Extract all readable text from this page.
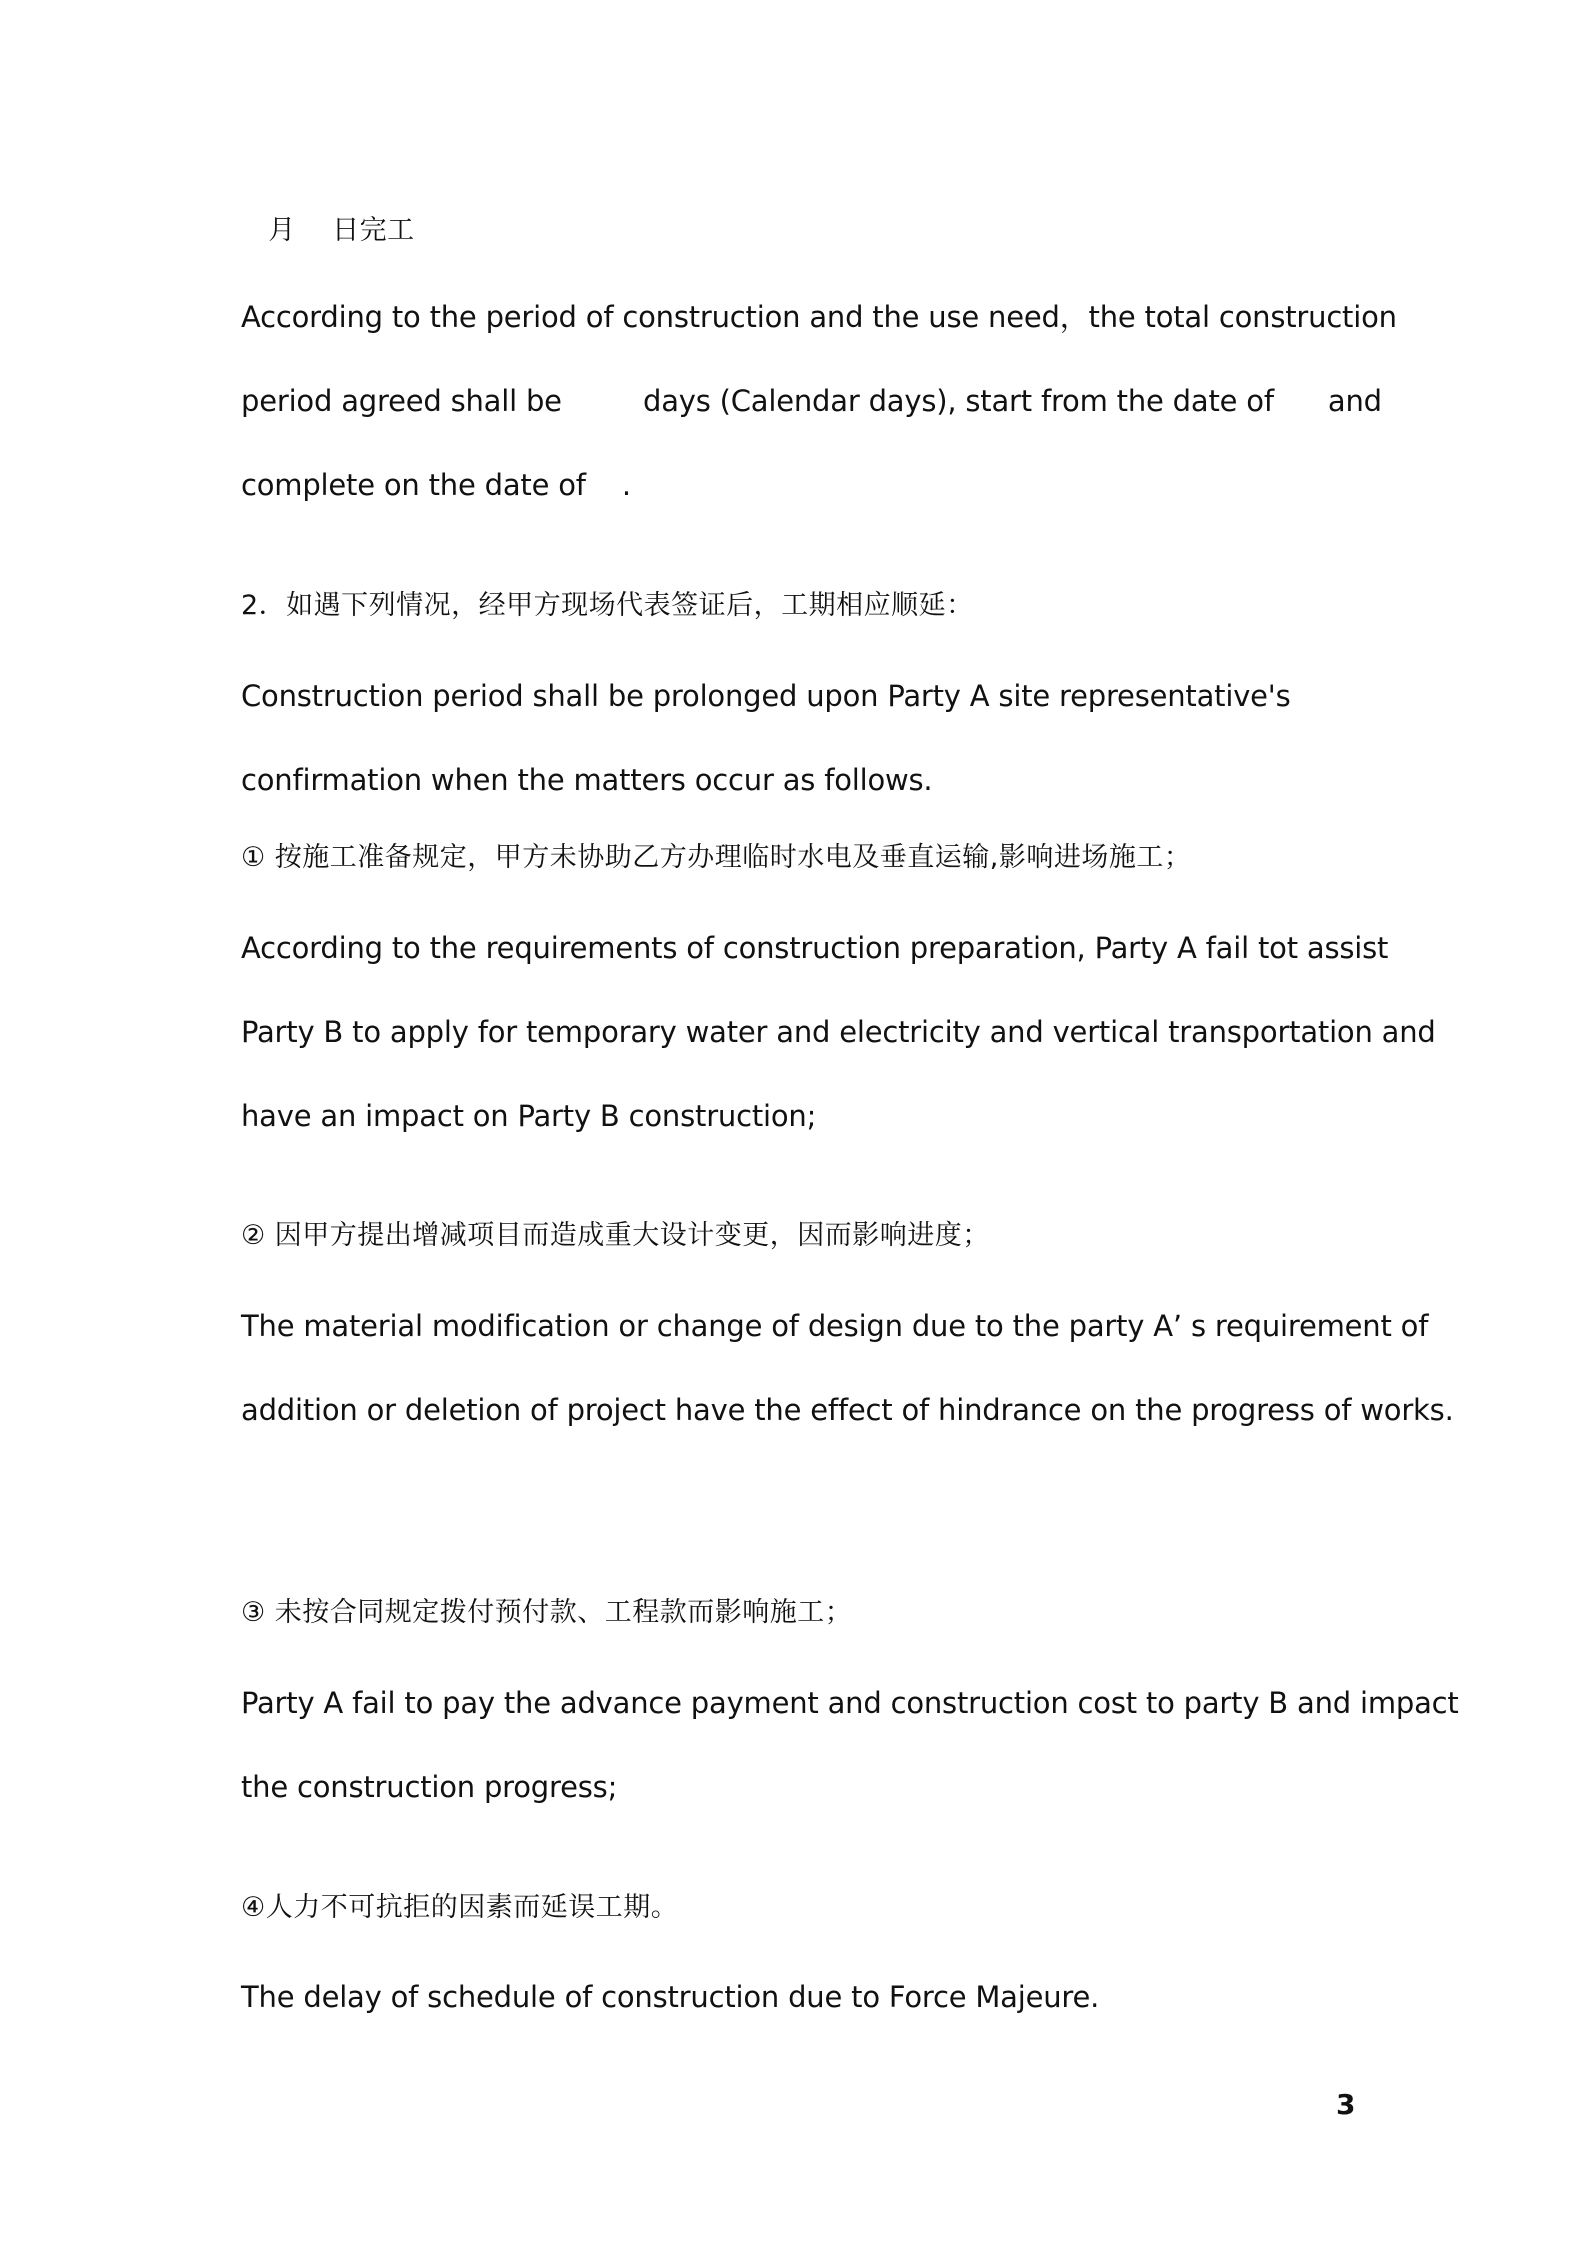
月    日完工

According to the period of construction and the use need，the total construction

period agreed shall be         days (Calendar days), start from the date of      and

complete on the date of    .

2．如遇下列情况，经甲方现场代表签证后，工期相应顺延：

Construction period shall be prolonged upon Party A site representative's

confirmation when the matters occur as follows.

① 按施工准备规定，甲方未协助乙方办理临时水电及垂直运输,影响进场施工；

According to the requirements of construction preparation, Party A fail tot assist

Party B to apply for temporary water and electricity and vertical transportation and

have an impact on Party B construction;

② 因甲方提出增减项目而造成重大设计变更，因而影响进度；

The material modification or change of design due to the party A’ s requirement of

addition or deletion of project have the effect of hindrance on the progress of works.

③ 未按合同规定拨付预付款、工程款而影响施工；

Party A fail to pay the advance payment and construction cost to party B and impact

the construction progress;

④人力不可抗拒的因素而延误工期。

The delay of schedule of construction due to Force Majeure.

3
